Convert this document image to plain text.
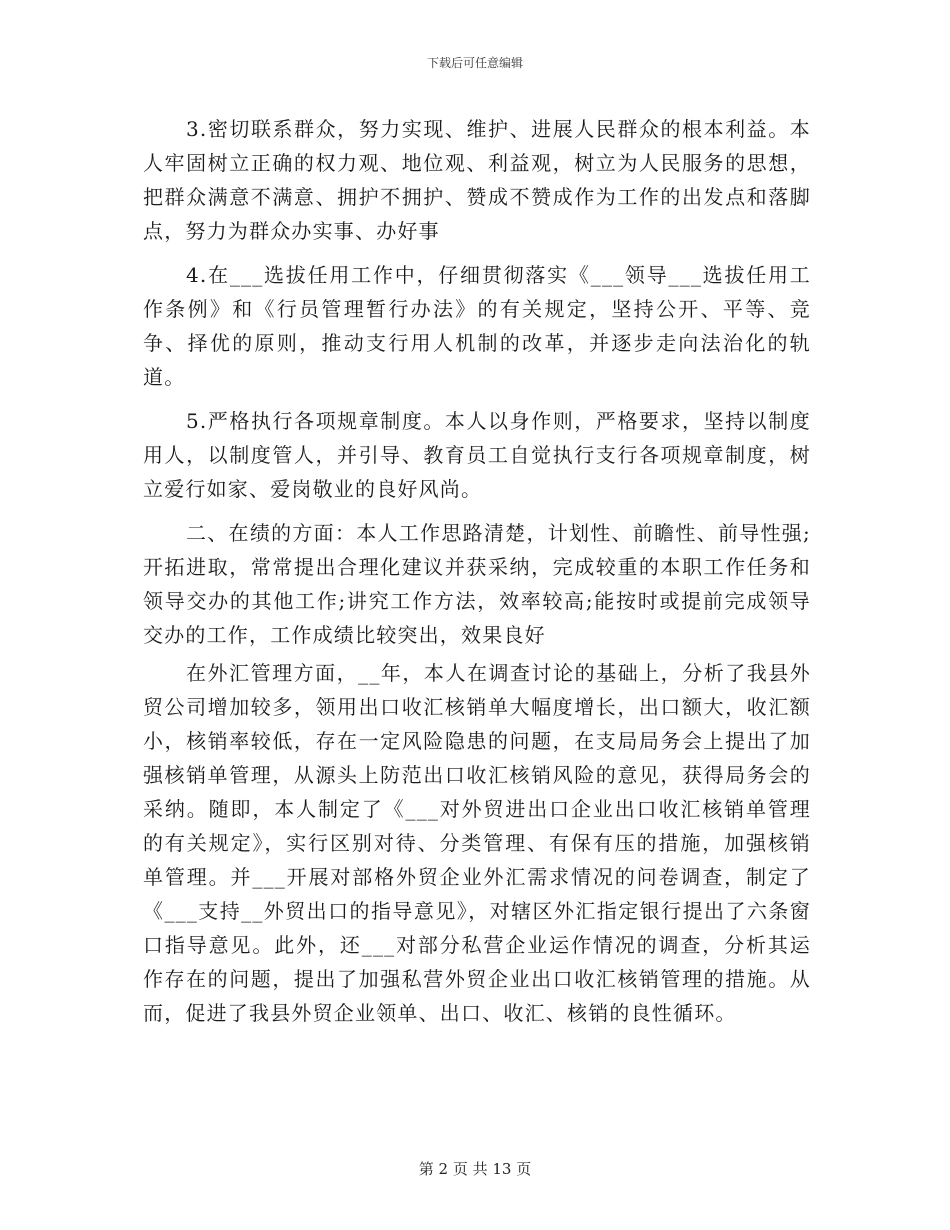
下载后可任意编辑

3.密切联系群众，努力实现、维护、进展人民群众的根本利益。本人牢固树立正确的权力观、地位观、利益观，树立为人民服务的思想，把群众满意不满意、拥护不拥护、赞成不赞成作为工作的出发点和落脚点，努力为群众办实事、办好事

4.在___选拔任用工作中，仔细贯彻落实《___领导___选拔任用工作条例》和《行员管理暂行办法》的有关规定，坚持公开、平等、竞争、择优的原则，推动支行用人机制的改革，并逐步走向法治化的轨道。

5.严格执行各项规章制度。本人以身作则，严格要求，坚持以制度用人，以制度管人，并引导、教育员工自觉执行支行各项规章制度，树立爱行如家、爱岗敬业的良好风尚。

二、在绩的方面：本人工作思路清楚，计划性、前瞻性、前导性强;开拓进取，常常提出合理化建议并获采纳，完成较重的本职工作任务和领导交办的其他工作;讲究工作方法，效率较高;能按时或提前完成领导交办的工作，工作成绩比较突出，效果良好

在外汇管理方面，__年，本人在调查讨论的基础上，分析了我县外贸公司增加较多，领用出口收汇核销单大幅度增长，出口额大，收汇额小，核销率较低，存在一定风险隐患的问题，在支局局务会上提出了加强核销单管理，从源头上防范出口收汇核销风险的意见，获得局务会的采纳。随即，本人制定了《___对外贸进出口企业出口收汇核销单管理的有关规定》，实行区别对待、分类管理、有保有压的措施，加强核销单管理。并___开展对部格外贸企业外汇需求情况的问卷调查，制定了《___支持__外贸出口的指导意见》，对辖区外汇指定银行提出了六条窗口指导意见。此外，还___对部分私营企业运作情况的调查，分析其运作存在的问题，提出了加强私营外贸企业出口收汇核销管理的措施。从而，促进了我县外贸企业领单、出口、收汇、核销的良性循环。

第 2 页 共 13 页
